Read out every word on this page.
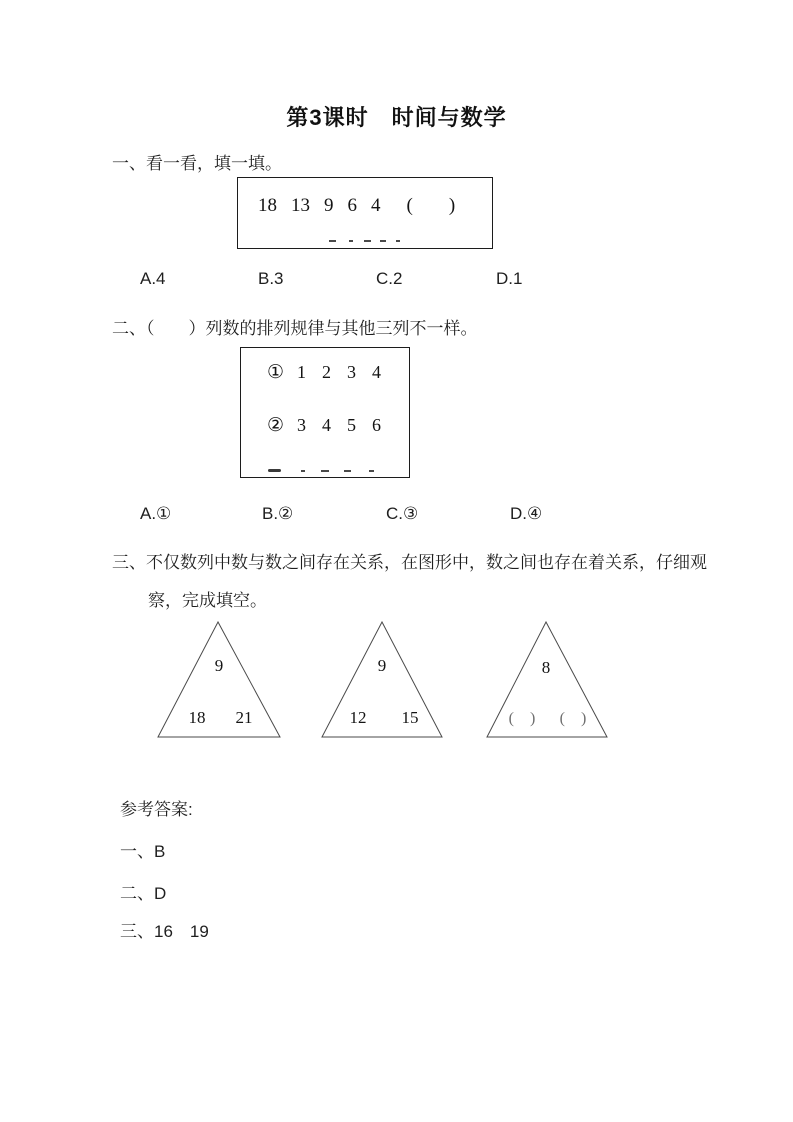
第3课时　时间与数学
一、看一看，填一填。
18 13 9 6 4 ( )
A.4	B.3	C.2	D.1
二、（　　）列数的排列规律与其他三列不一样。
① 1 2 3 4
② 3 4 5 6
A.①	B.②	C.③	D.④
三、不仅数列中数与数之间存在关系，在图形中，数之间也存在着关系，仔细观
察，完成填空。
9
18 21
9
12 15
8
(　) (　)
参考答案:
一、B
二、D
三、16　19
